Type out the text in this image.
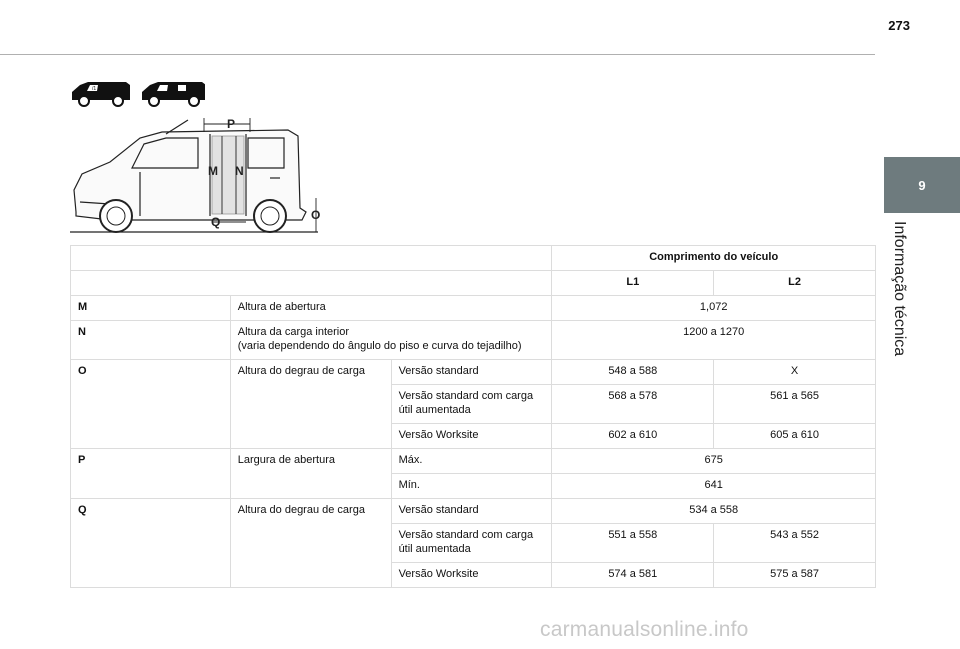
273
9
Informação técnica
/1
P
M N
Q	O
			Comprimento do veículo	
			L1	L2
M	Altura de abertura		1,072	
N	Altura da carga interior
(varia dependendo do ângulo do piso e curva do tejadilho)		1200 a 1270	
O	Altura do degrau de carga	Versão standard	548 a 588	X
		Versão standard com carga
útil aumentada	568 a 578	561 a 565
		Versão Worksite	602 a 610	605 a 610
P	Largura de abertura	Máx.	675	
		Mín.	641	
Q	Altura do degrau de carga	Versão standard	534 a 558	
		Versão standard com carga
útil aumentada	551 a 558	543 a 552
		Versão Worksite	574 a 581	575 a 587
carmanualsonline.info
